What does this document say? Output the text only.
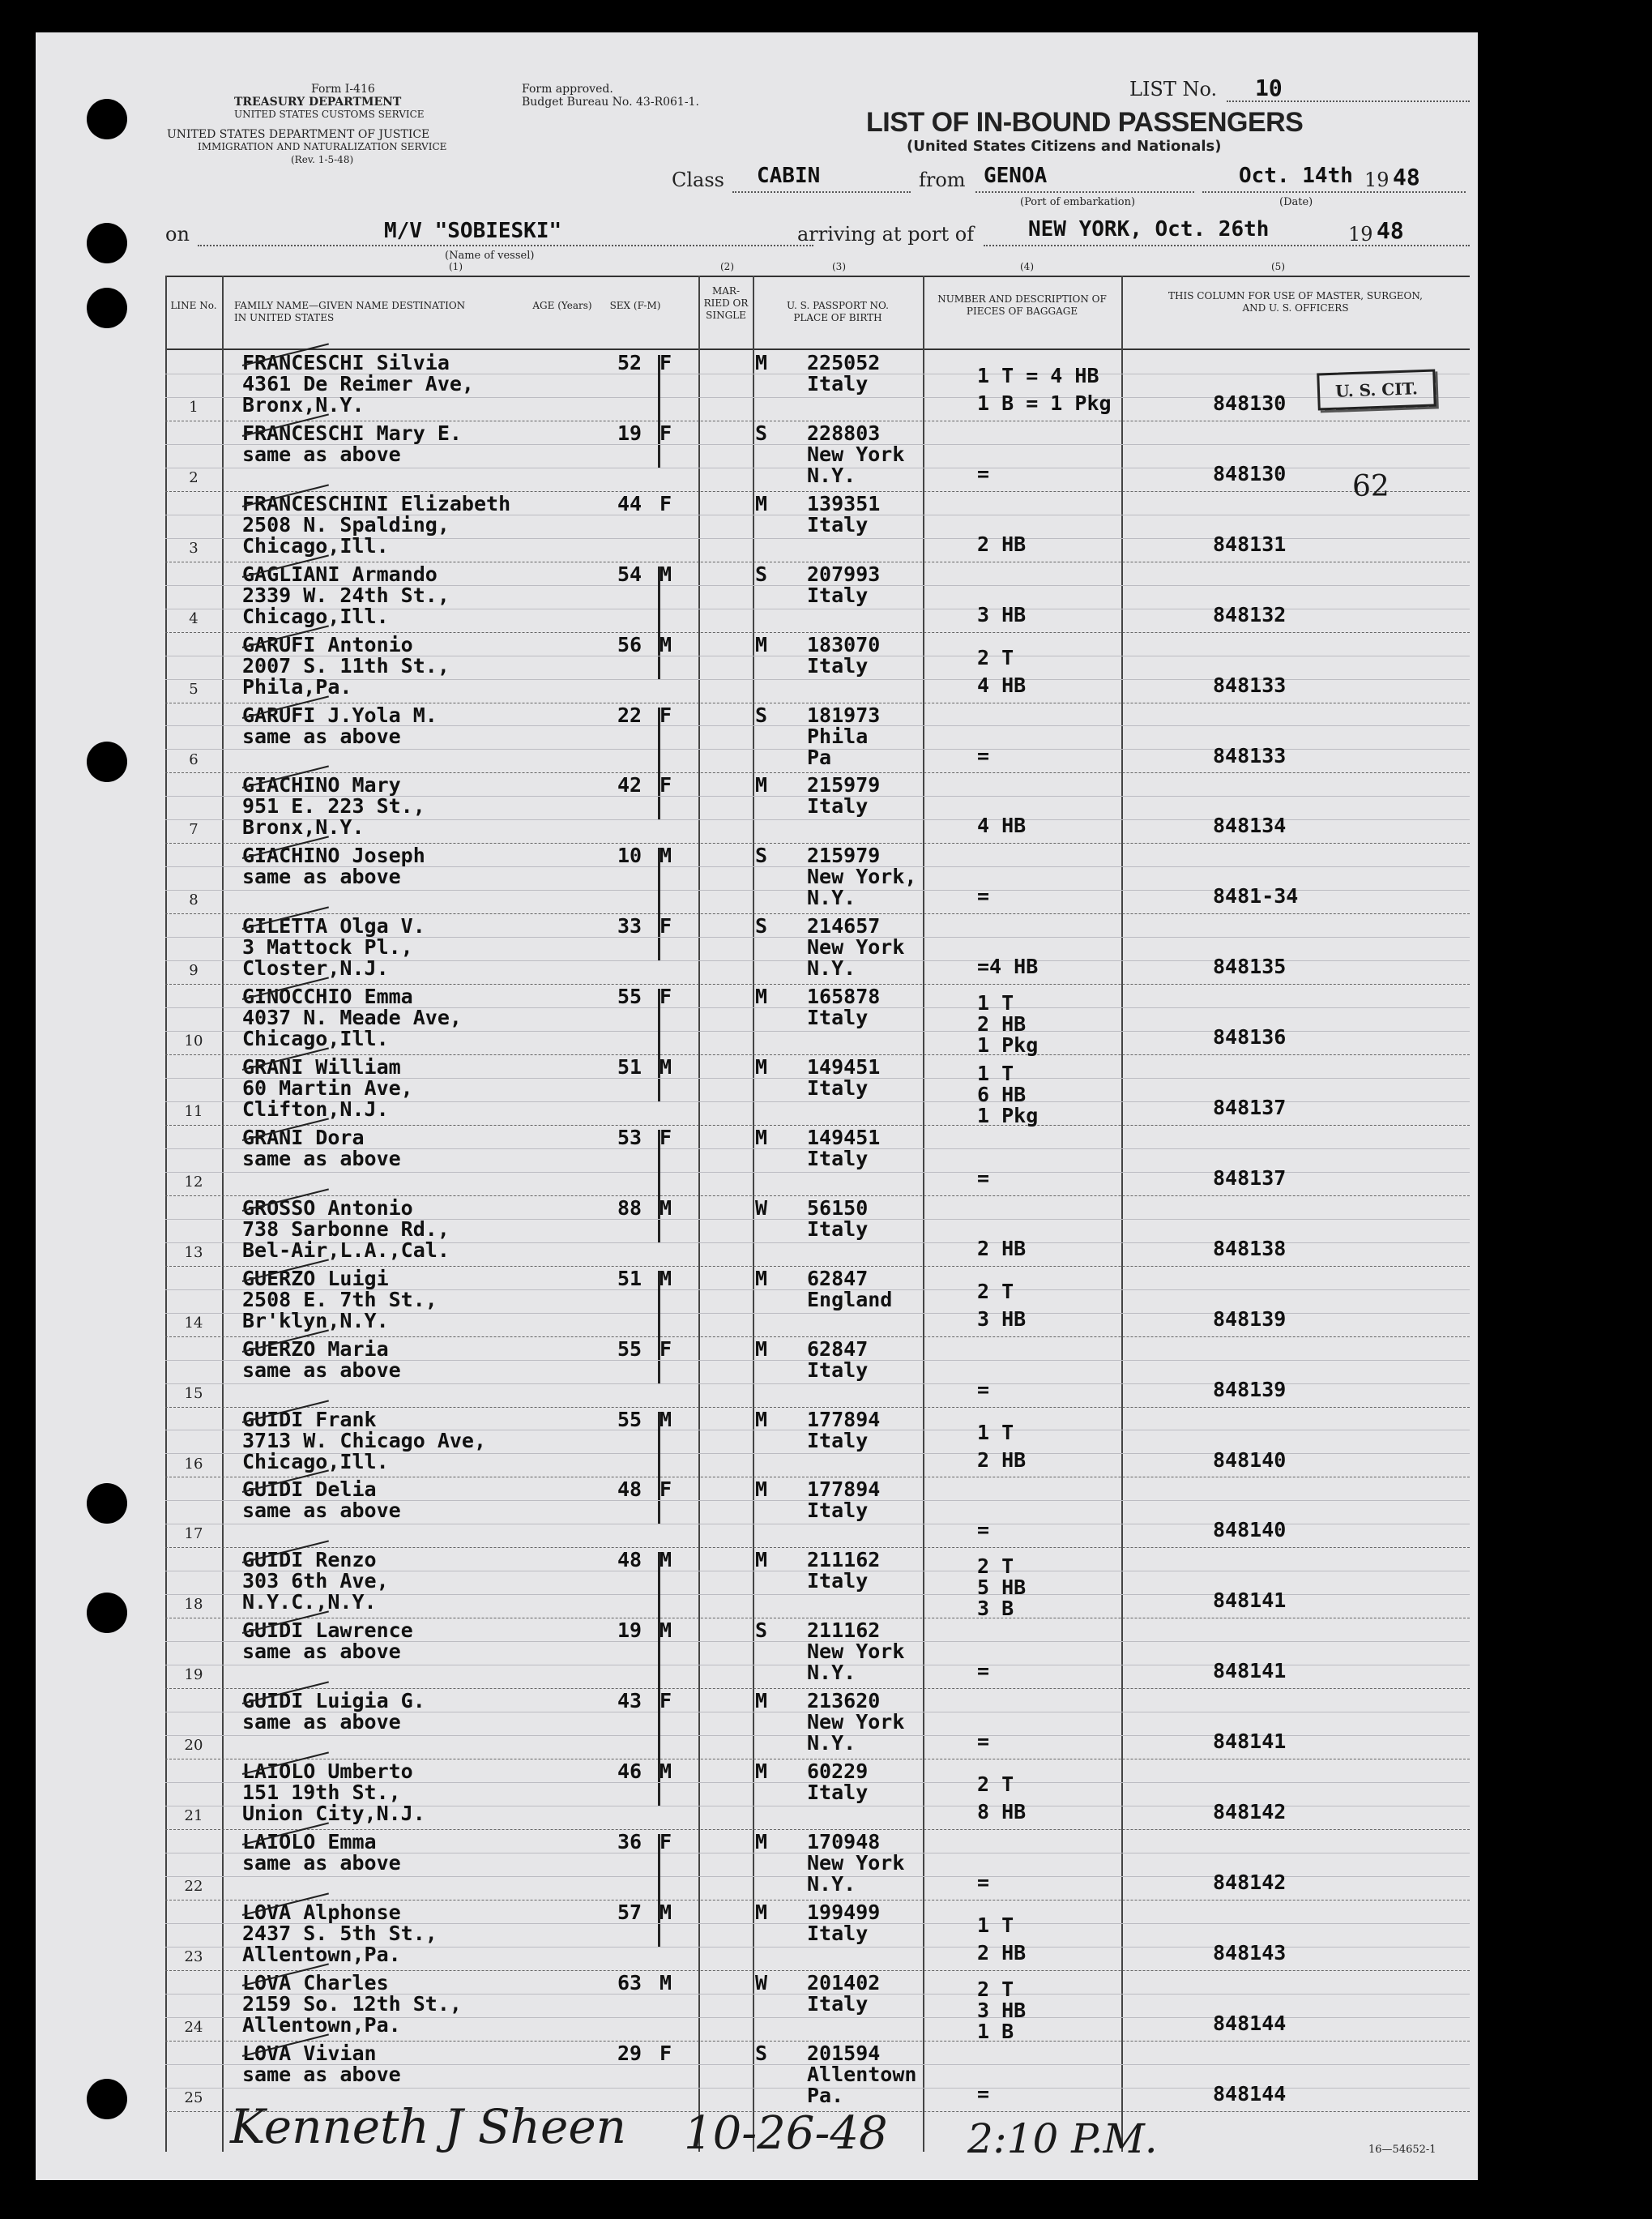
Form I-416
TREASURY DEPARTMENT
UNITED STATES CUSTOMS SERVICE
Form approved.
Budget Bureau No. 43-R061-1.
UNITED STATES DEPARTMENT OF JUSTICE
IMMIGRATION AND NATURALIZATION SERVICE
(Rev. 1-5-48)
LIST No. 10
LIST OF IN-BOUND PASSENGERS
(United States Citizens and Nationals)
Class CABIN	from GENOA
(Port of embarkation)
Oct. 14th 19 48
(Date)
on	M/V "SOBIESKI"
(Name of vessel)
arriving at port of	NEW YORK, Oct. 26th	19 48
(1)	(2)	(3)	(4)	(5)
LINE No.	FAMILY NAME—GIVEN NAME DESTINATION IN UNITED STATES
AGE (Years) SEX (F-M)
MAR-RIED OR SINGLE
U. S. PASSPORT NO. PLACE OF BIRTH
NUMBER AND DESCRIPTION OF PIECES OF BAGGAGE
THIS COLUMN FOR USE OF MASTER, SURGEON, AND U. S. OFFICERS
1
FRANCESCHI Silvia
4361 De Reimer Ave,
Bronx,N.Y.
52 F	M 225052
Italy	1 T = 4 HB
1 B = 1 Pkg	848130
2
FRANCESCHI Mary E.
same as above
19 F	S 228803
New York
N.Y.	=	848130
3
FRANCESCHINI Elizabeth
2508 N. Spalding,
Chicago,Ill.
44 F	M 139351
Italy
2 HB	848131
4
GAGLIANI Armando
2339 W. 24th St.,
Chicago,Ill.
54 M	S 207993
Italy
3 HB	848132
5
GARUFI Antonio
2007 S. 11th St.,
Phila,Pa.
56 M	M 183070
Italy	2 T
4 HB	848133
6
GARUFI J.Yola M.
same as above
22 F	S 181973
Phila
Pa	=	848133
7
GIACHINO Mary
951 E. 223 St.,
Bronx,N.Y.
42 F	M 215979
Italy
4 HB	848134
8
GIACHINO Joseph
same as above
10 M	S 215979
New York,
N.Y.	=	8481-34
9
GILETTA Olga V.
3 Mattock Pl.,
Closter,N.J.
33 F	S 214657
New York
N.Y.	=4 HB	848135
10
GINOCCHIO Emma
4037 N. Meade Ave,
Chicago,Ill.
55 F	M 165878
Italy
1 T
2 HB
1 Pkg	848136
11
GRANI William
60 Martin Ave,
Clifton,N.J.
51 M	M 149451
Italy
1 T
6 HB
1 Pkg	848137
12
GRANI Dora
same as above
53 F	M 149451
Italy
=	848137
13
GROSSO Antonio
738 Sarbonne Rd.,
Bel-Air,L.A.,Cal.
88 M	W 56150
Italy
2 HB	848138
14
GUERZO Luigi
2508 E. 7th St.,
Br'klyn,N.Y.
51 M	M 62847
England	2 T
3 HB	848139
15
GUERZO Maria
same as above
55 F	M 62847
Italy
=	848139
16
GUIDI Frank
3713 W. Chicago Ave,
Chicago,Ill.
55 M	M 177894
Italy	1 T
2 HB	848140
17
GUIDI Delia
same as above
48 F	M 177894
Italy
=	848140
18
GUIDI Renzo
303 6th Ave,
N.Y.C.,N.Y.
48 M	M 211162
Italy
2 T
5 HB
3 B	848141
19
GUIDI Lawrence
same as above
19 M	S 211162
New York
N.Y.	=	848141
20
GUIDI Luigia G.
same as above
43 F	M 213620
New York
N.Y.	=	848141
21
LAIOLO Umberto
151 19th St.,
Union City,N.J.
46 M	M 60229
Italy	2 T
8 HB	848142
22
LAIOLO Emma
same as above
36 F	M 170948
New York
N.Y.	=	848142
23
LOVA Alphonse
2437 S. 5th St.,
Allentown,Pa.
57 M	M 199499
Italy	1 T
2 HB	848143
24
LOVA Charles
2159 So. 12th St.,
Allentown,Pa.
63 M	W 201402
Italy
2 T
3 HB
1 B	848144
25
LOVA Vivian
same as above
29 F	S 201594
Allentown
Pa.	=	848144
U. S. CIT.
62
Kenneth J Sheen 10-26-48 2:10 P.M.	16—54652-1
